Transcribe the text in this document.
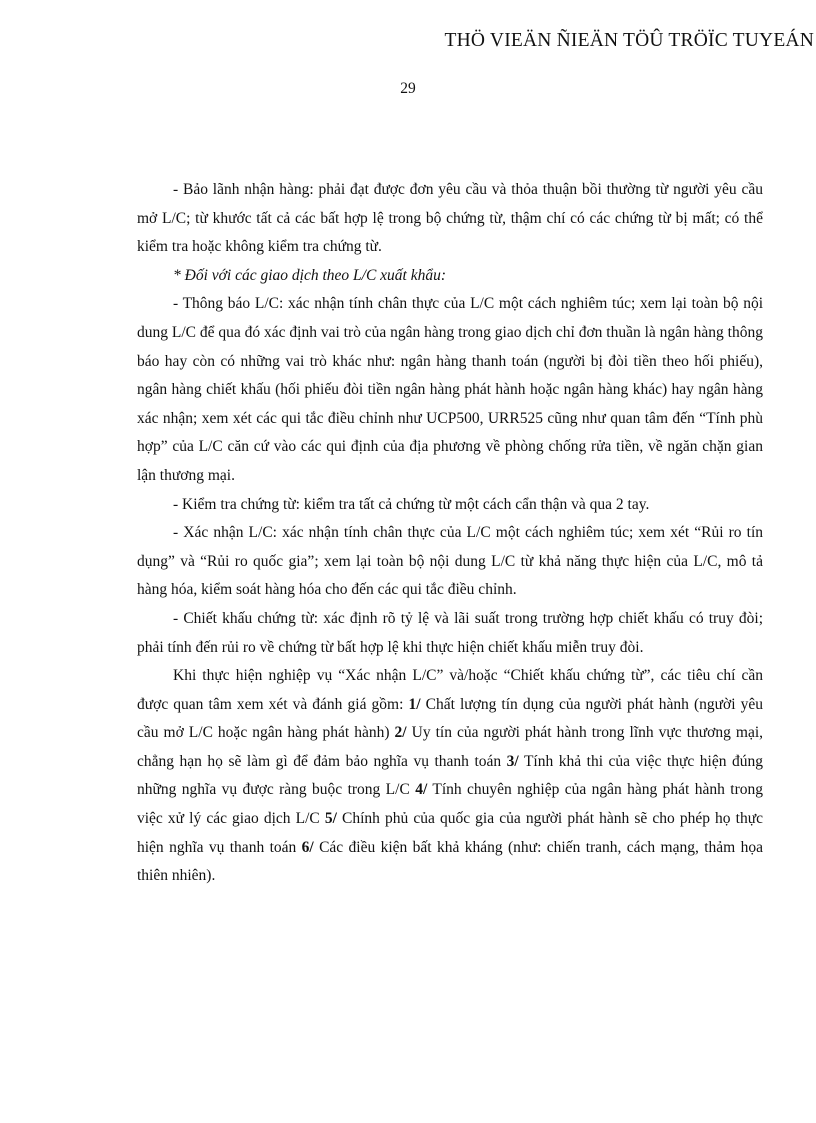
THÖ VIEÄN ÑIEÄN TÖÛ TRÖÏC TUYEÁN
29

- Bảo lãnh nhận hàng: phải đạt được đơn yêu cầu và thỏa thuận bồi thường từ người yêu cầu mở L/C; từ khước tất cả các bất hợp lệ trong bộ chứng từ, thậm chí có các chứng từ bị mất; có thể kiểm tra hoặc không kiểm tra chứng từ.

* Đối với các giao dịch theo L/C xuất khẩu:

- Thông báo L/C: xác nhận tính chân thực của L/C một cách nghiêm túc; xem lại toàn bộ nội dung L/C để qua đó xác định vai trò của ngân hàng trong giao dịch chỉ đơn thuần là ngân hàng thông báo hay còn có những vai trò khác như: ngân hàng thanh toán (người bị đòi tiền theo hối phiếu), ngân hàng chiết khấu (hối phiếu đòi tiền ngân hàng phát hành hoặc ngân hàng khác) hay ngân hàng xác nhận; xem xét các qui tắc điều chỉnh như UCP500, URR525 cũng như quan tâm đến “Tính phù hợp” của L/C căn cứ vào các qui định của địa phương về phòng chống rửa tiền, về ngăn chặn gian lận thương mại.

- Kiểm tra chứng từ: kiểm tra tất cả chứng từ một cách cẩn thận và qua 2 tay.

- Xác nhận L/C: xác nhận tính chân thực của L/C một cách nghiêm túc; xem xét “Rủi ro tín dụng” và “Rủi ro quốc gia”; xem lại toàn bộ nội dung L/C từ khả năng thực hiện của L/C, mô tả hàng hóa, kiểm soát hàng hóa cho đến các qui tắc điều chỉnh.

- Chiết khấu chứng từ: xác định rõ tỷ lệ và lãi suất trong trường hợp chiết khấu có truy đòi; phải tính đến rủi ro về chứng từ bất hợp lệ khi thực hiện chiết khấu miễn truy đòi.

Khi thực hiện nghiệp vụ “Xác nhận L/C” và/hoặc “Chiết khấu chứng từ”, các tiêu chí cần được quan tâm xem xét và đánh giá gồm: 1/ Chất lượng tín dụng của người phát hành (người yêu cầu mở L/C hoặc ngân hàng phát hành) 2/ Uy tín của người phát hành trong lĩnh vực thương mại, chẳng hạn họ sẽ làm gì để đảm bảo nghĩa vụ thanh toán 3/ Tính khả thi của việc thực hiện đúng những nghĩa vụ được ràng buộc trong L/C 4/ Tính chuyên nghiệp của ngân hàng phát hành trong việc xử lý các giao dịch L/C 5/ Chính phủ của quốc gia của người phát hành sẽ cho phép họ thực hiện nghĩa vụ thanh toán 6/ Các điều kiện bất khả kháng (như: chiến tranh, cách mạng, thảm họa thiên nhiên).
